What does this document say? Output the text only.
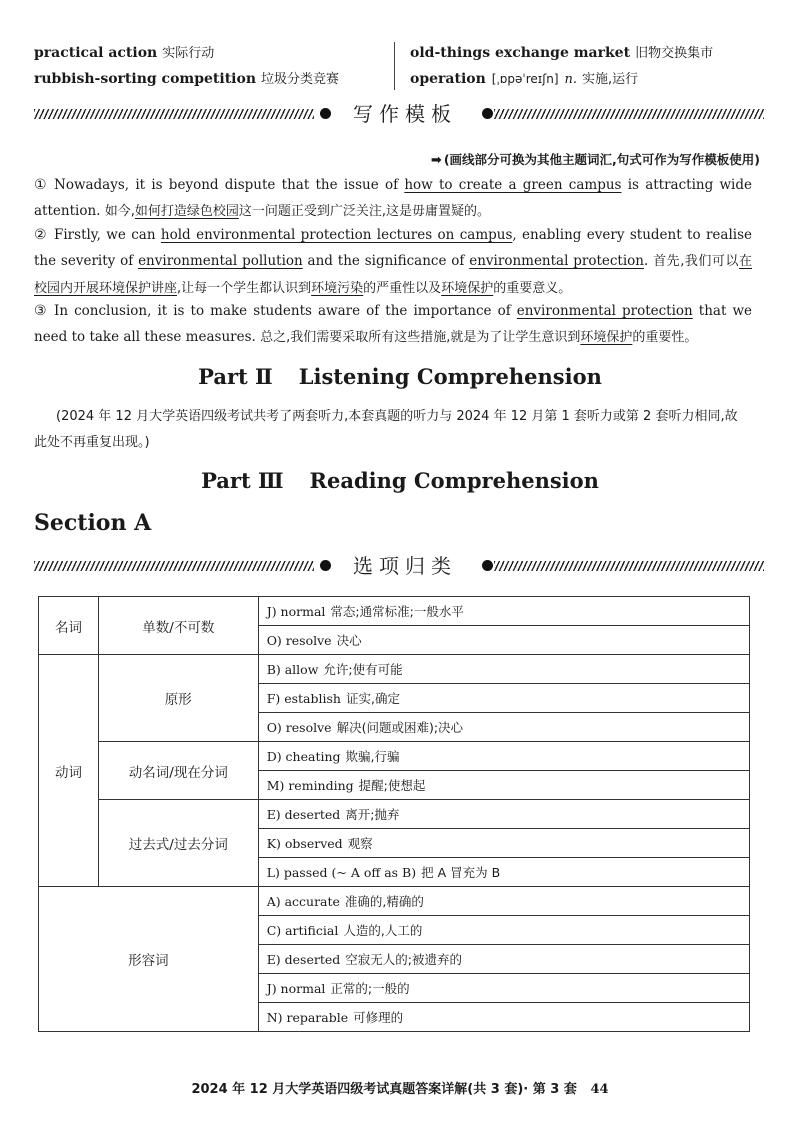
practical action 实际行动
rubbish-sorting competition 垃圾分类竞赛
old-things exchange market 旧物交换集市
operation [ˌɒpəˈreɪʃn] n. 实施,运行
写作模板
➡ (画线部分可换为其他主题词汇,句式可作为写作模板使用)
① Nowadays, it is beyond dispute that the issue of how to create a green campus is attracting wide attention. 如今,如何打造绿色校园这一问题正受到广泛关注,这是毋庸置疑的。
② Firstly, we can hold environmental protection lectures on campus, enabling every student to realise the severity of environmental pollution and the significance of environmental protection. 首先,我们可以在校园内开展环境保护讲座,让每一个学生都认识到环境污染的严重性以及环境保护的重要意义。
③ In conclusion, it is to make students aware of the importance of environmental protection that we need to take all these measures. 总之,我们需要采取所有这些措施,就是为了让学生意识到环境保护的重要性。
Part Ⅱ Listening Comprehension
(2024 年 12 月大学英语四级考试共考了两套听力,本套真题的听力与 2024 年 12 月第 1 套听力或第 2 套听力相同,故此处不再重复出现。)
Part Ⅲ Reading Comprehension
Section A
选项归类
名词	单数/不可数	J) normal 常态;通常标准;一般水平
		O) resolve 决心
动词	原形	B) allow 允许;使有可能
		F) establish 证实,确定
		O) resolve 解决(问题或困难);决心
	动名词/现在分词	D) cheating 欺骗,行骗
		M) reminding 提醒;使想起
	过去式/过去分词	E) deserted 离开;抛弃
		K) observed 观察
		L) passed (~ A off as B) 把 A 冒充为 B
形容词		A) accurate 准确的,精确的
		C) artificial 人造的,人工的
		E) deserted 空寂无人的;被遗弃的
		J) normal 正常的;一般的
		N) reparable 可修理的
2024 年 12 月大学英语四级考试真题答案详解(共 3 套)· 第 3 套 44
